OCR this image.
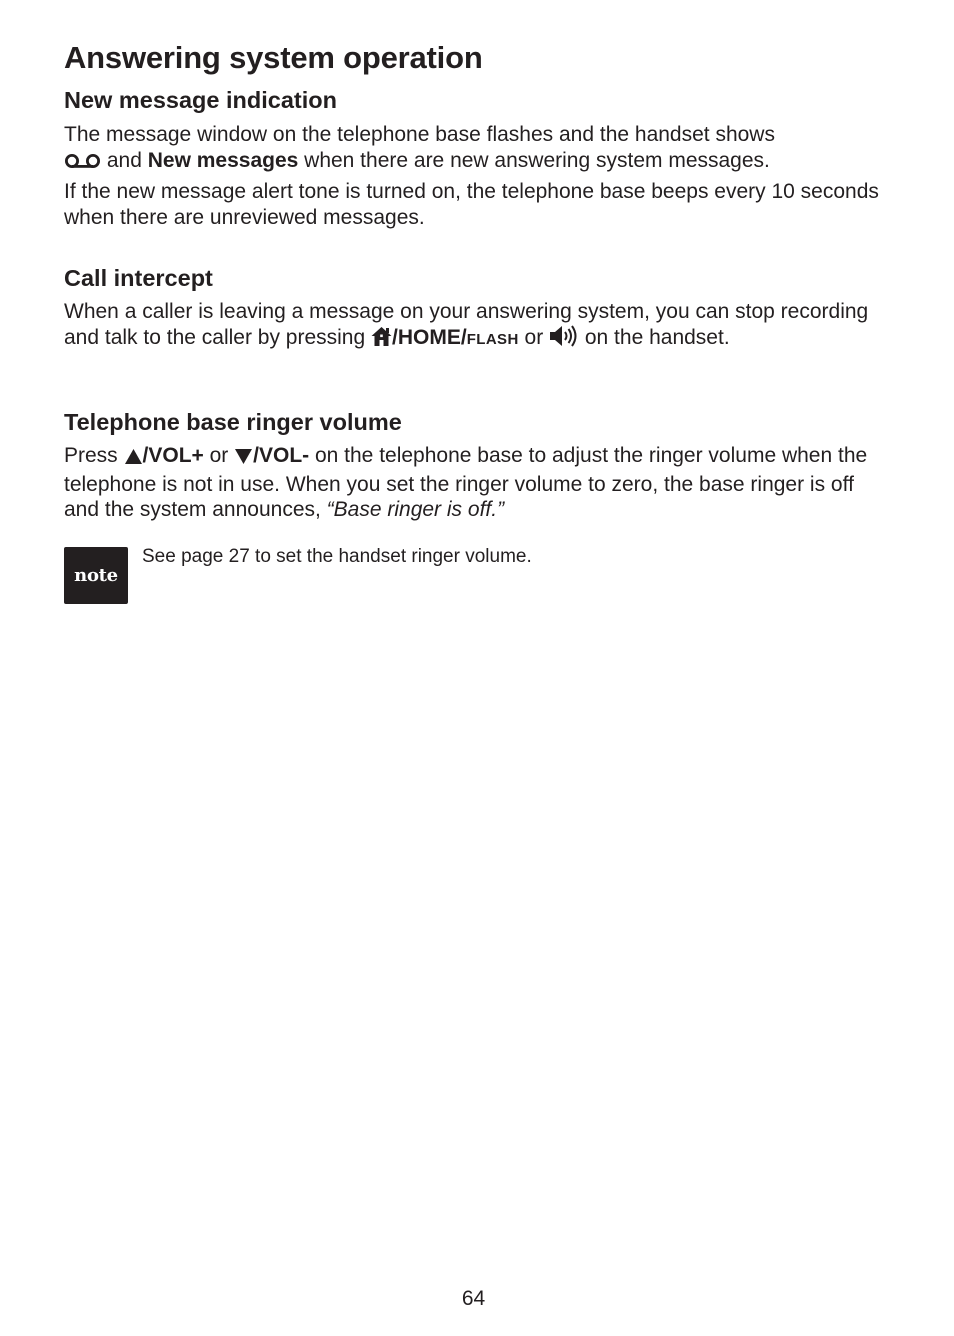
Answering system operation
New message indication

The message window on the telephone base flashes and the handset shows
and New messages when there are new answering system messages.

If the new message alert tone is turned on, the telephone base beeps every 10 seconds when there are unreviewed messages.

Call intercept

When a caller is leaving a message on your answering system, you can stop recording and talk to the caller by pressing /HOME/FLASH or  on the handset.

Telephone base ringer volume

Press /VOL+ or /VOL- on the telephone base to adjust the ringer volume when the telephone is not in use. When you set the ringer volume to zero, the base ringer is off and the system announces, “Base ringer is off.”

note

See page 27 to set the handset ringer volume.

64
